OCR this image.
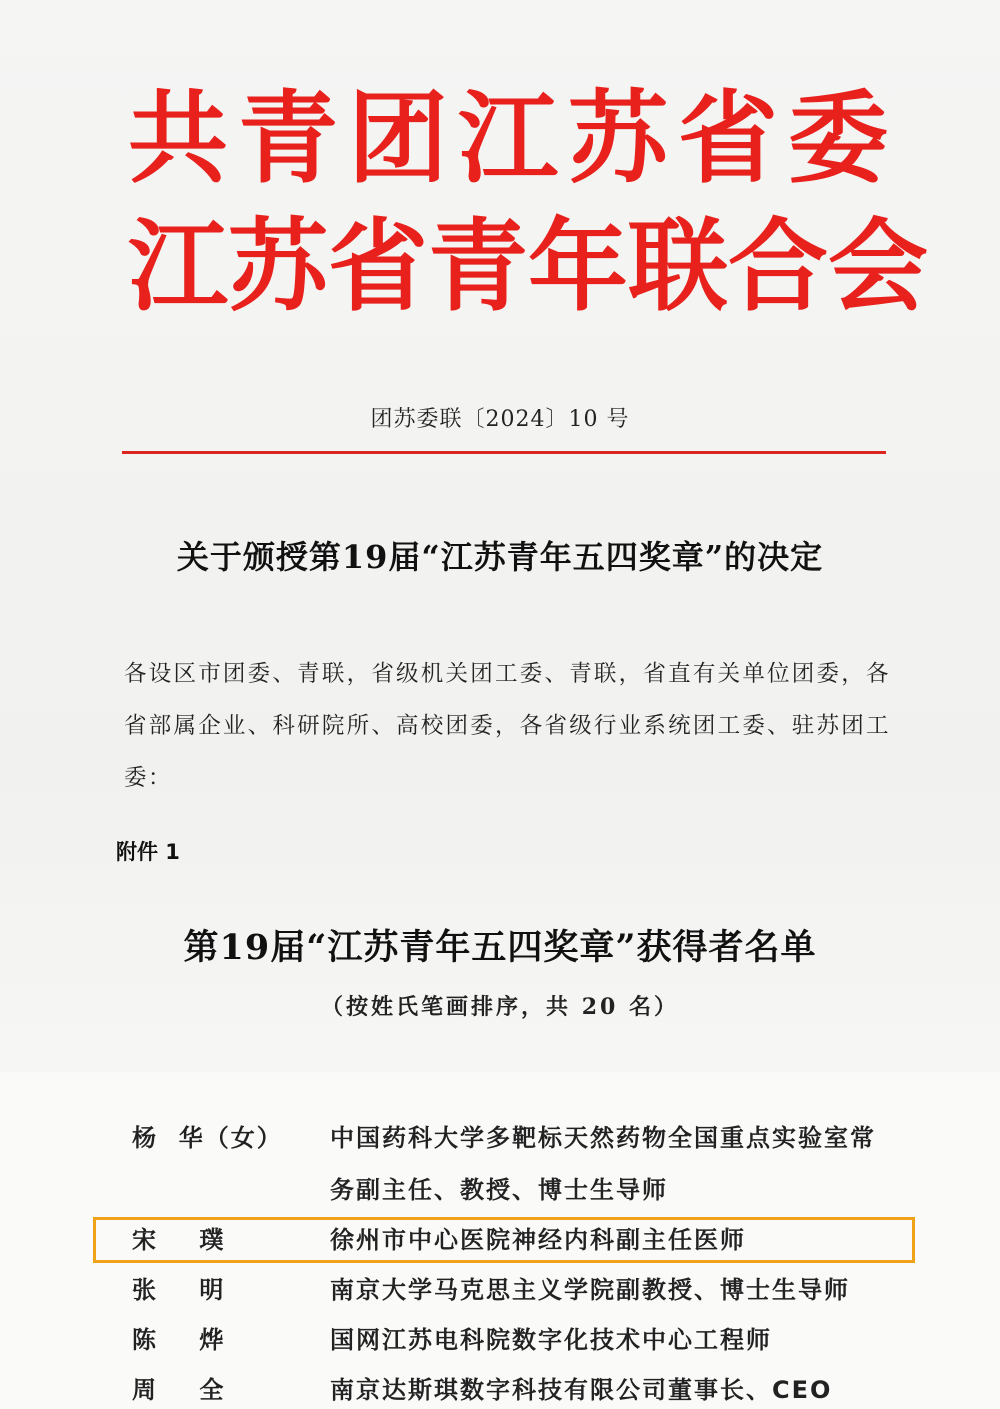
共 青 团 江 苏 省 委
江 苏 省 青 年 联 合 会
团苏委联〔2024〕10 号
关于颁授第19届“江苏青年五四奖章”的决定
各设区市团委、青联，省级机关团工委、青联，省直有关单位团委，各省部属企业、科研院所、高校团委，各省级行业系统团工委、驻苏团工委：
附件 1
第19届“江苏青年五四奖章”获得者名单
（按姓氏笔画排序，共 20 名）
杨  华（女）	中国药科大学多靶标天然药物全国重点实验室常务副主任、教授、博士生导师
宋    璞	徐州市中心医院神经内科副主任医师
张    明	南京大学马克思主义学院副教授、博士生导师
陈    烨	国网江苏电科院数字化技术中心工程师
周    全	南京达斯琪数字科技有限公司董事长、CEO
